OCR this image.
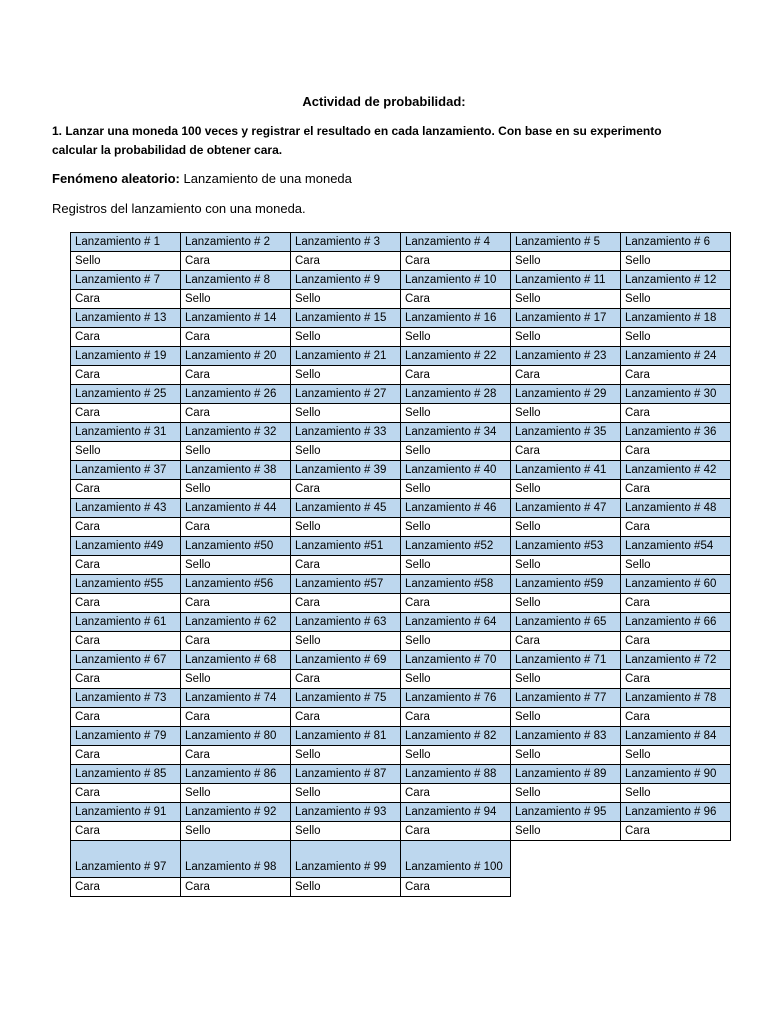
Actividad de probabilidad:

1. Lanzar una moneda 100 veces y registrar el resultado en cada lanzamiento. Con base en su experimento calcular la probabilidad de obtener cara.

Fenómeno aleatorio: Lanzamiento de una moneda

Registros del lanzamiento con una moneda.

Lanzamiento # 1	Lanzamiento # 2	Lanzamiento # 3	Lanzamiento # 4	Lanzamiento # 5	Lanzamiento # 6
Sello	Cara	Cara	Cara	Sello	Sello
Lanzamiento # 7	Lanzamiento # 8	Lanzamiento # 9	Lanzamiento # 10	Lanzamiento # 11	Lanzamiento # 12
Cara	Sello	Sello	Cara	Sello	Sello
Lanzamiento # 13	Lanzamiento # 14	Lanzamiento # 15	Lanzamiento # 16	Lanzamiento # 17	Lanzamiento # 18
Cara	Cara	Sello	Sello	Sello	Sello
Lanzamiento # 19	Lanzamiento # 20	Lanzamiento # 21	Lanzamiento # 22	Lanzamiento # 23	Lanzamiento # 24
Cara	Cara	Sello	Cara	Cara	Cara
Lanzamiento # 25	Lanzamiento # 26	Lanzamiento # 27	Lanzamiento # 28	Lanzamiento # 29	Lanzamiento # 30
Cara	Cara	Sello	Sello	Sello	Cara
Lanzamiento # 31	Lanzamiento # 32	Lanzamiento # 33	Lanzamiento # 34	Lanzamiento # 35	Lanzamiento # 36
Sello	Sello	Sello	Sello	Cara	Cara
Lanzamiento # 37	Lanzamiento # 38	Lanzamiento # 39	Lanzamiento # 40	Lanzamiento # 41	Lanzamiento # 42
Cara	Sello	Cara	Sello	Sello	Cara
Lanzamiento # 43	Lanzamiento # 44	Lanzamiento # 45	Lanzamiento # 46	Lanzamiento # 47	Lanzamiento # 48
Cara	Cara	Sello	Sello	Sello	Cara
Lanzamiento #49	Lanzamiento #50	Lanzamiento #51	Lanzamiento #52	Lanzamiento #53	Lanzamiento #54
Cara	Sello	Cara	Sello	Sello	Sello
Lanzamiento #55	Lanzamiento #56	Lanzamiento #57	Lanzamiento #58	Lanzamiento #59	Lanzamiento # 60
Cara	Cara	Cara	Cara	Sello	Cara
Lanzamiento # 61	Lanzamiento # 62	Lanzamiento # 63	Lanzamiento # 64	Lanzamiento # 65	Lanzamiento # 66
Cara	Cara	Sello	Sello	Cara	Cara
Lanzamiento # 67	Lanzamiento # 68	Lanzamiento # 69	Lanzamiento # 70	Lanzamiento # 71	Lanzamiento # 72
Cara	Sello	Cara	Sello	Sello	Cara
Lanzamiento # 73	Lanzamiento # 74	Lanzamiento # 75	Lanzamiento # 76	Lanzamiento # 77	Lanzamiento # 78
Cara	Cara	Cara	Cara	Sello	Cara
Lanzamiento # 79	Lanzamiento # 80	Lanzamiento # 81	Lanzamiento # 82	Lanzamiento # 83	Lanzamiento # 84
Cara	Cara	Sello	Sello	Sello	Sello
Lanzamiento # 85	Lanzamiento # 86	Lanzamiento # 87	Lanzamiento # 88	Lanzamiento # 89	Lanzamiento # 90
Cara	Sello	Sello	Cara	Sello	Sello
Lanzamiento # 91	Lanzamiento # 92	Lanzamiento # 93	Lanzamiento # 94	Lanzamiento # 95	Lanzamiento # 96
Cara	Sello	Sello	Cara	Sello	Cara
Lanzamiento # 97	Lanzamiento # 98	Lanzamiento # 99	Lanzamiento # 100		
Cara	Cara	Sello	Cara		
